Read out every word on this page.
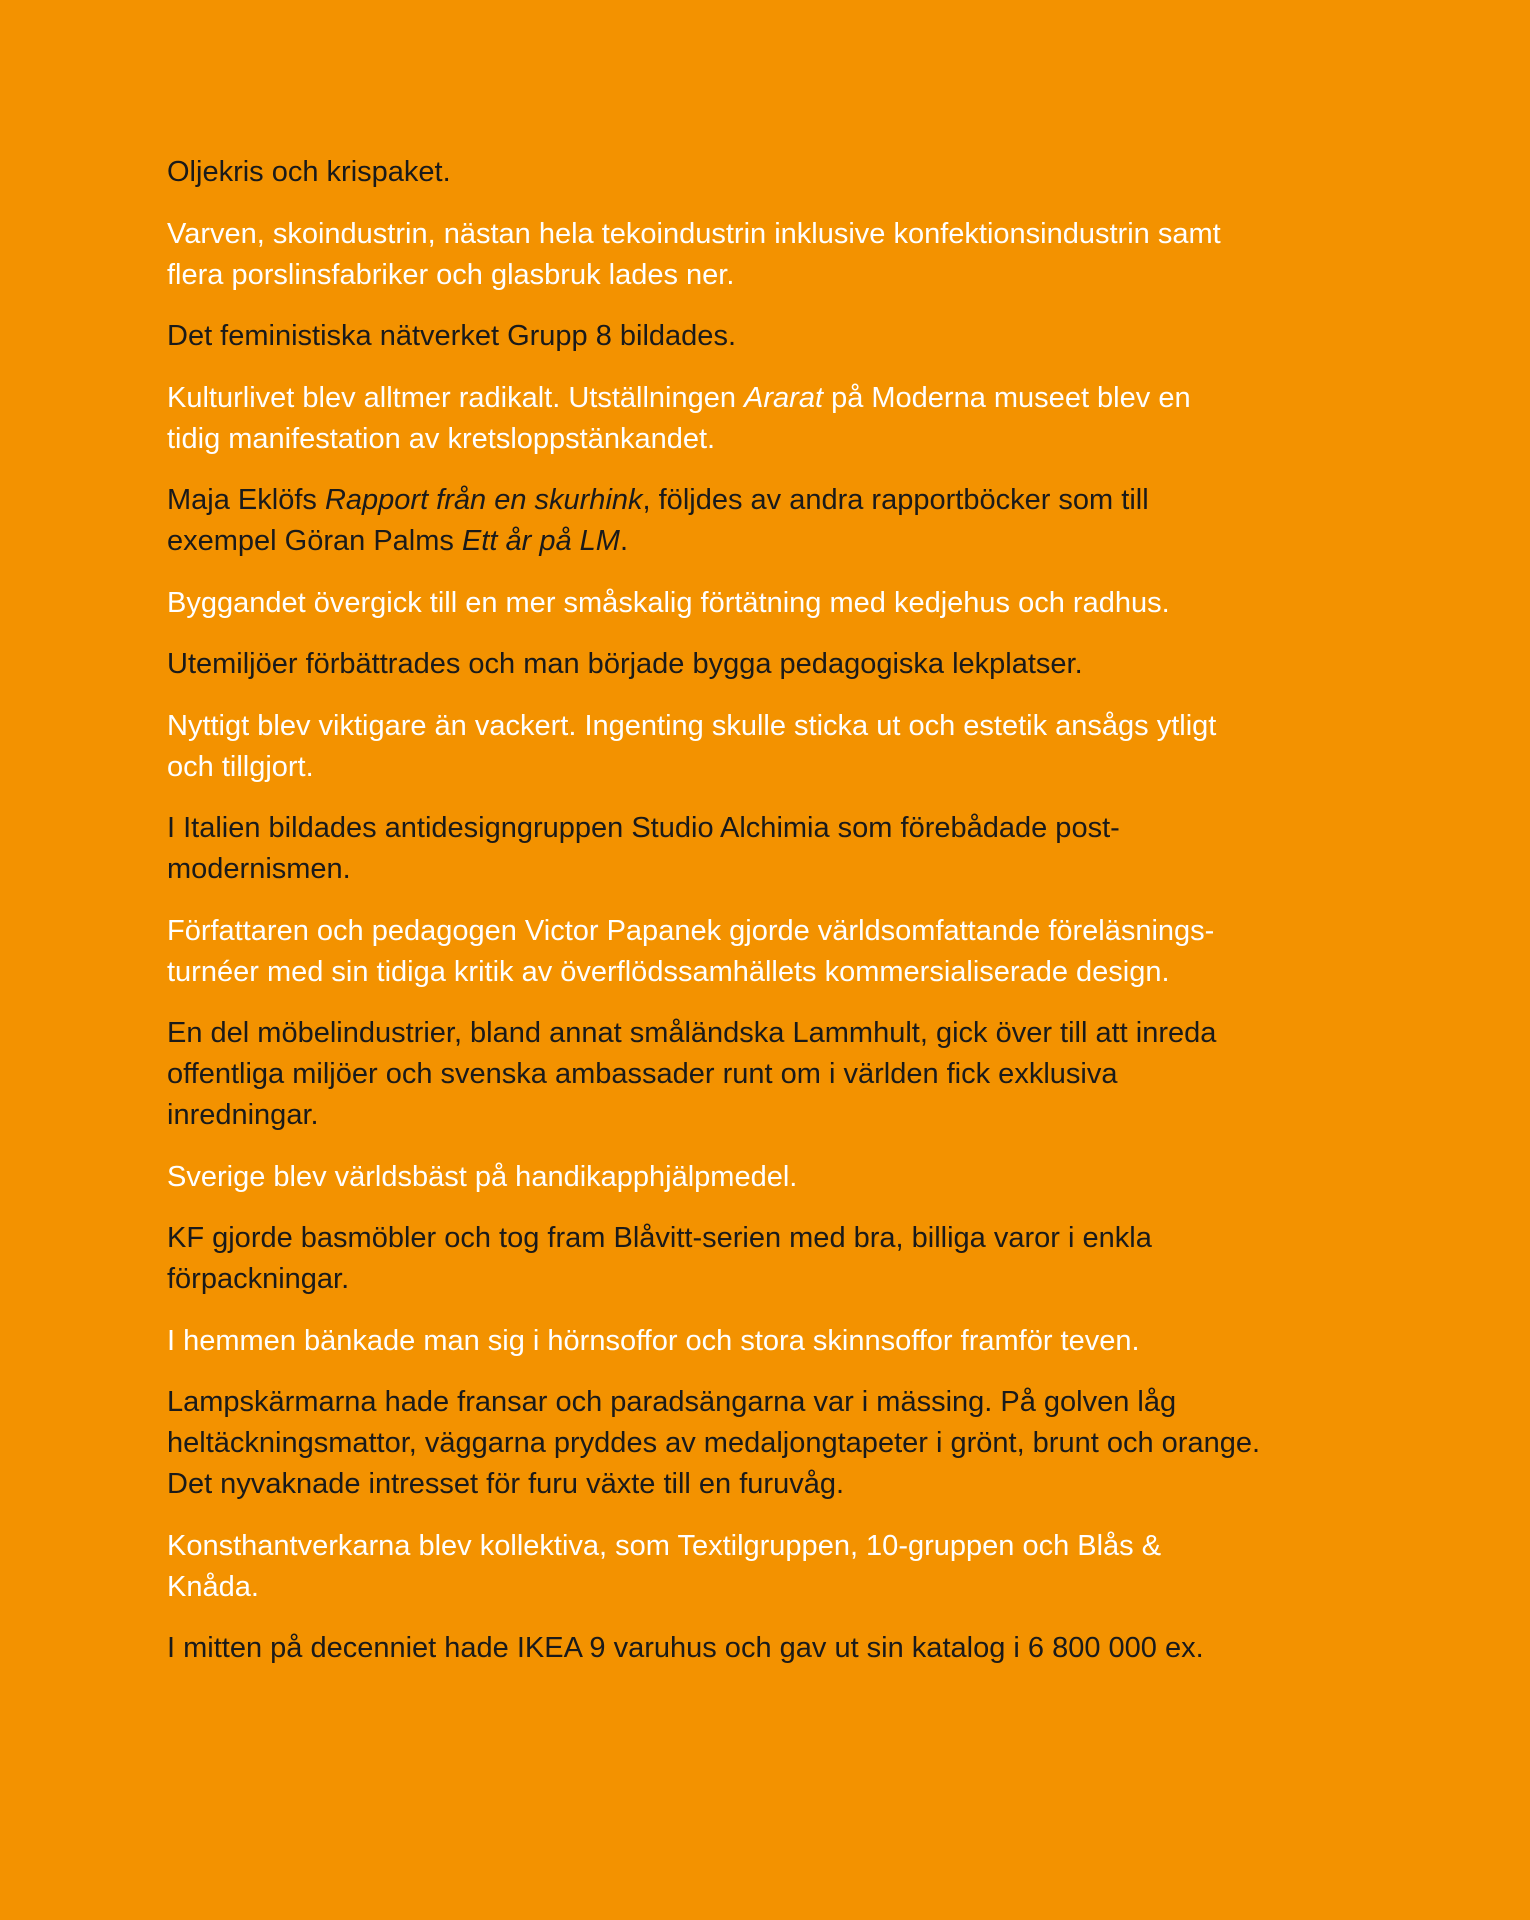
Oljekris och krispaket.

Varven, skoindustrin, nästan hela tekoindustrin inklusive konfektionsindustrin samt
flera porslinsfabriker och glasbruk lades ner.

Det feministiska nätverket Grupp 8 bildades.

Kulturlivet blev alltmer radikalt. Utställningen Ararat på Moderna museet blev en
tidig manifestation av kretsloppstänkandet.

Maja Eklöfs Rapport från en skurhink, följdes av andra rapportböcker som till
exempel Göran Palms Ett år på LM.

Byggandet övergick till en mer småskalig förtätning med kedjehus och radhus.

Utemiljöer förbättrades och man började bygga pedagogiska lekplatser.

Nyttigt blev viktigare än vackert. Ingenting skulle sticka ut och estetik ansågs ytligt
och tillgjort.

I Italien bildades antidesigngruppen Studio Alchimia som förebådade post-
modernismen.

Författaren och pedagogen Victor Papanek gjorde världsomfattande föreläsnings-
turnéer med sin tidiga kritik av överflödssamhällets kommersialiserade design.

En del möbelindustrier, bland annat småländska Lammhult, gick över till att inreda
offentliga miljöer och svenska ambassader runt om i världen fick exklusiva
inredningar.

Sverige blev världsbäst på handikapphjälpmedel.

KF gjorde basmöbler och tog fram Blåvitt-serien med bra, billiga varor i enkla
förpackningar.

I hemmen bänkade man sig i hörnsoffor och stora skinnsoffor framför teven.

Lampskärmarna hade fransar och paradsängarna var i mässing. På golven låg
heltäckningsmattor, väggarna pryddes av medaljongtapeter i grönt, brunt och orange.
Det nyvaknade intresset för furu växte till en furuvåg.

Konsthantverkarna blev kollektiva, som Textilgruppen, 10-gruppen och Blås &
Knåda.

I mitten på decenniet hade IKEA 9 varuhus och gav ut sin katalog i 6 800 000 ex.
